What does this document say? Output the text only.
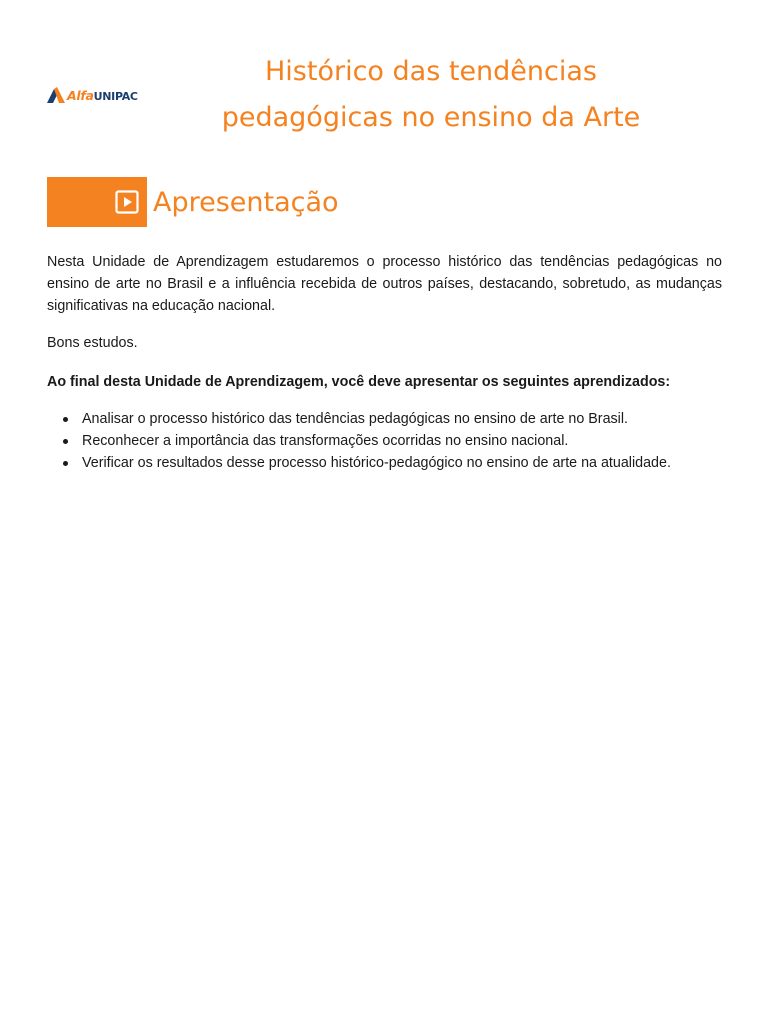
Alfa UNIPAC
Histórico das tendências
pedagógicas no ensino da Arte
Apresentação

Nesta Unidade de Aprendizagem estudaremos o processo histórico das tendências pedagógicas no ensino de arte no Brasil e a influência recebida de outros países, destacando, sobretudo, as mudanças significativas na educação nacional.

Bons estudos.

Ao final desta Unidade de Aprendizagem, você deve apresentar os seguintes aprendizados:

Analisar o processo histórico das tendências pedagógicas no ensino de arte no Brasil.
Reconhecer a importância das transformações ocorridas no ensino nacional.
Verificar os resultados desse processo histórico-pedagógico no ensino de arte na atualidade.
